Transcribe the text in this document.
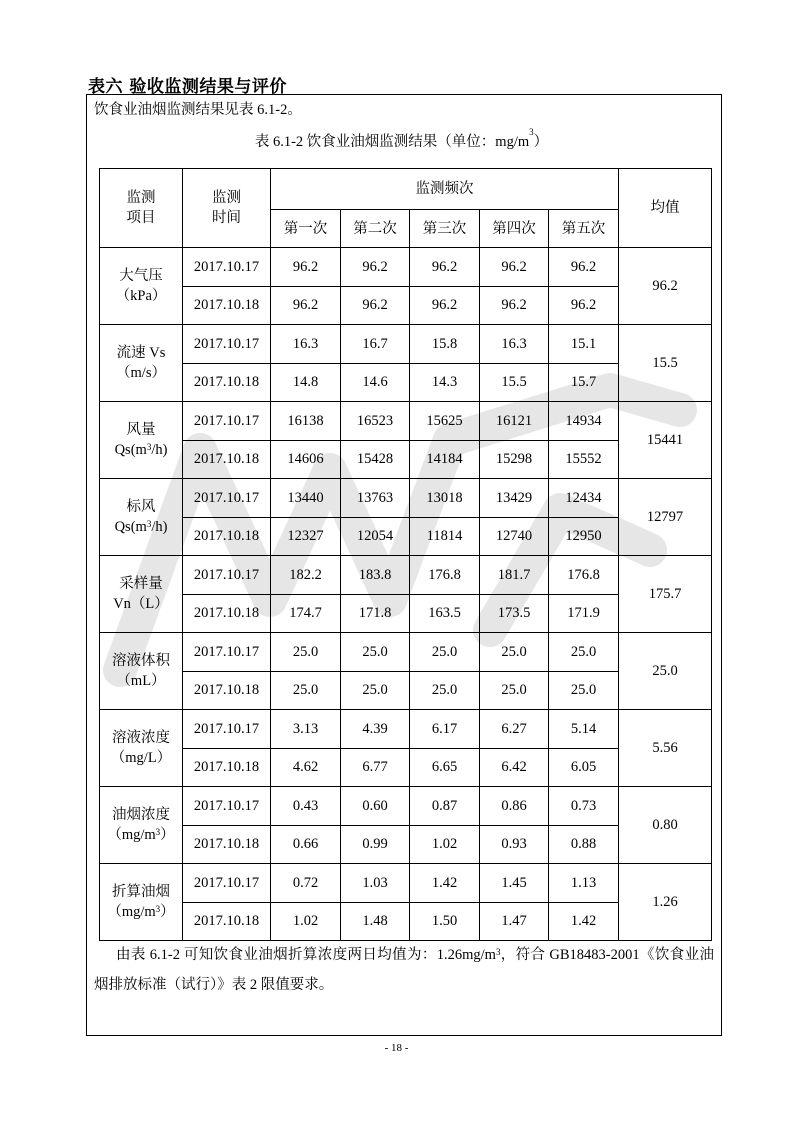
表六 验收监测结果与评价
饮食业油烟监测结果见表 6.1-2。
表 6.1-2 饮食业油烟监测结果（单位：$mg/m^3$）
监测
项目	监测
时间	监测频次					均值
		第一次	第二次	第三次	第四次	第五次	
大气压
（kPa）	2017.10.17	96.2	96.2	96.2	96.2	96.2	96.2
	2017.10.18	96.2	96.2	96.2	96.2	96.2	
流速 Vs
（m/s）	2017.10.17	16.3	16.7	15.8	16.3	15.1	15.5
	2017.10.18	14.8	14.6	14.3	15.5	15.7	
风量
$Qs(m^3/h)$	2017.10.17	16138	16523	15625	16121	14934	15441
	2017.10.18	14606	15428	14184	15298	15552	
标风
$Qs(m^3/h)$	2017.10.17	13440	13763	13018	13429	12434	12797
	2017.10.18	12327	12054	11814	12740	12950	
采样量
Vn（L）	2017.10.17	182.2	183.8	176.8	181.7	176.8	175.7
	2017.10.18	174.7	171.8	163.5	173.5	171.9	
溶液体积
（mL）	2017.10.17	25.0	25.0	25.0	25.0	25.0	25.0
	2017.10.18	25.0	25.0	25.0	25.0	25.0	
溶液浓度
（mg/L）	2017.10.17	3.13	4.39	6.17	6.27	5.14	5.56
	2017.10.18	4.62	6.77	6.65	6.42	6.05	
油烟浓度
$(mg/m^3)$	2017.10.17	0.43	0.60	0.87	0.86	0.73	0.80
	2017.10.18	0.66	0.99	1.02	0.93	0.88	
折算油烟
$(mg/m^3)$	2017.10.17	0.72	1.03	1.42	1.45	1.13	1.26
	2017.10.18	1.02	1.48	1.50	1.47	1.42	
由表 6.1-2 可知饮食业油烟折算浓度两日均值为：$1.26mg/m^3$，符合 GB18483-2001《饮食业油烟排放标准（试行）》表 2 限值要求。
- 18 -
